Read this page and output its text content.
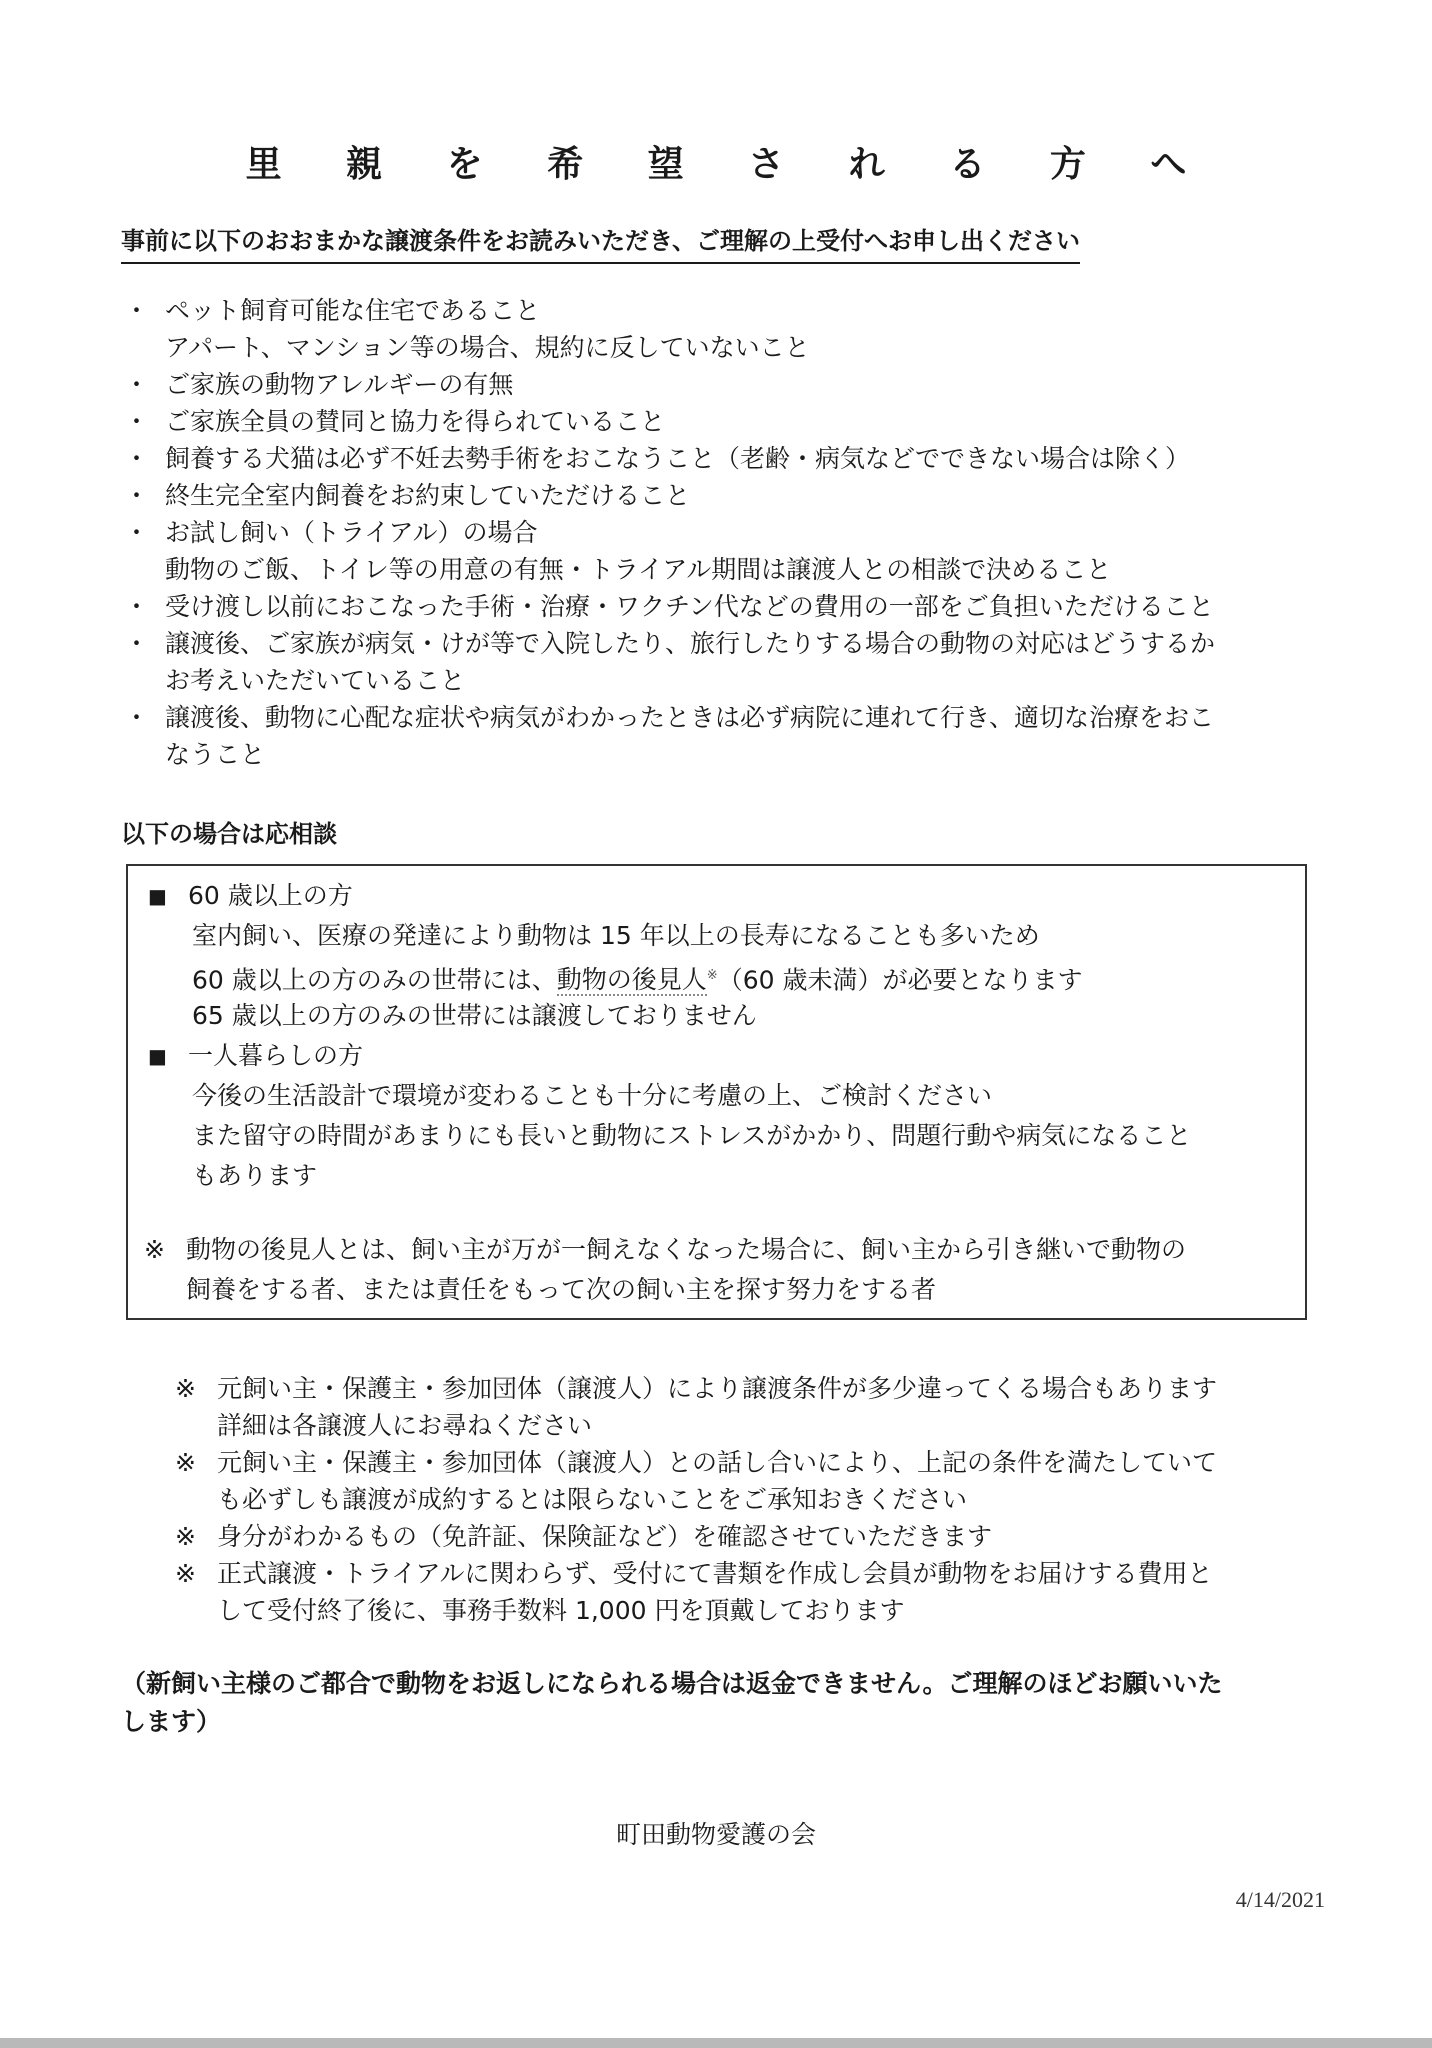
里 親 を 希 望 さ れ る 方 へ
事前に以下のおおまかな譲渡条件をお読みいただき、ご理解の上受付へお申し出ください
・ ペット飼育可能な住宅であること
アパート、マンション等の場合、規約に反していないこと
・ ご家族の動物アレルギーの有無
・ ご家族全員の賛同と協力を得られていること
・ 飼養する犬猫は必ず不妊去勢手術をおこなうこと（老齢・病気などでできない場合は除く）
・ 終生完全室内飼養をお約束していただけること
・ お試し飼い（トライアル）の場合
動物のご飯、トイレ等の用意の有無・トライアル期間は譲渡人との相談で決めること
・ 受け渡し以前におこなった手術・治療・ワクチン代などの費用の一部をご負担いただけること
・ 譲渡後、ご家族が病気・けが等で入院したり、旅行したりする場合の動物の対応はどうするか
お考えいただいていること
・ 譲渡後、動物に心配な症状や病気がわかったときは必ず病院に連れて行き、適切な治療をおこ
なうこと
以下の場合は応相談
■ 60 歳以上の方
室内飼い、医療の発達により動物は 15 年以上の長寿になることも多いため
60 歳以上の方のみの世帯には、動物の後見人※（60 歳未満）が必要となります
65 歳以上の方のみの世帯には譲渡しておりません
■ 一人暮らしの方
今後の生活設計で環境が変わることも十分に考慮の上、ご検討ください
また留守の時間があまりにも長いと動物にストレスがかかり、問題行動や病気になること
もあります
※ 動物の後見人とは、飼い主が万が一飼えなくなった場合に、飼い主から引き継いで動物の
飼養をする者、または責任をもって次の飼い主を探す努力をする者
※ 元飼い主・保護主・参加団体（譲渡人）により譲渡条件が多少違ってくる場合もあります
詳細は各譲渡人にお尋ねください
※ 元飼い主・保護主・参加団体（譲渡人）との話し合いにより、上記の条件を満たしていて
も必ずしも譲渡が成約するとは限らないことをご承知おきください
※ 身分がわかるもの（免許証、保険証など）を確認させていただきます
※ 正式譲渡・トライアルに関わらず、受付にて書類を作成し会員が動物をお届けする費用と
して受付終了後に、事務手数料 1,000 円を頂戴しております
（新飼い主様のご都合で動物をお返しになられる場合は返金できません。ご理解のほどお願いいた
します）
町田動物愛護の会
4/14/2021
